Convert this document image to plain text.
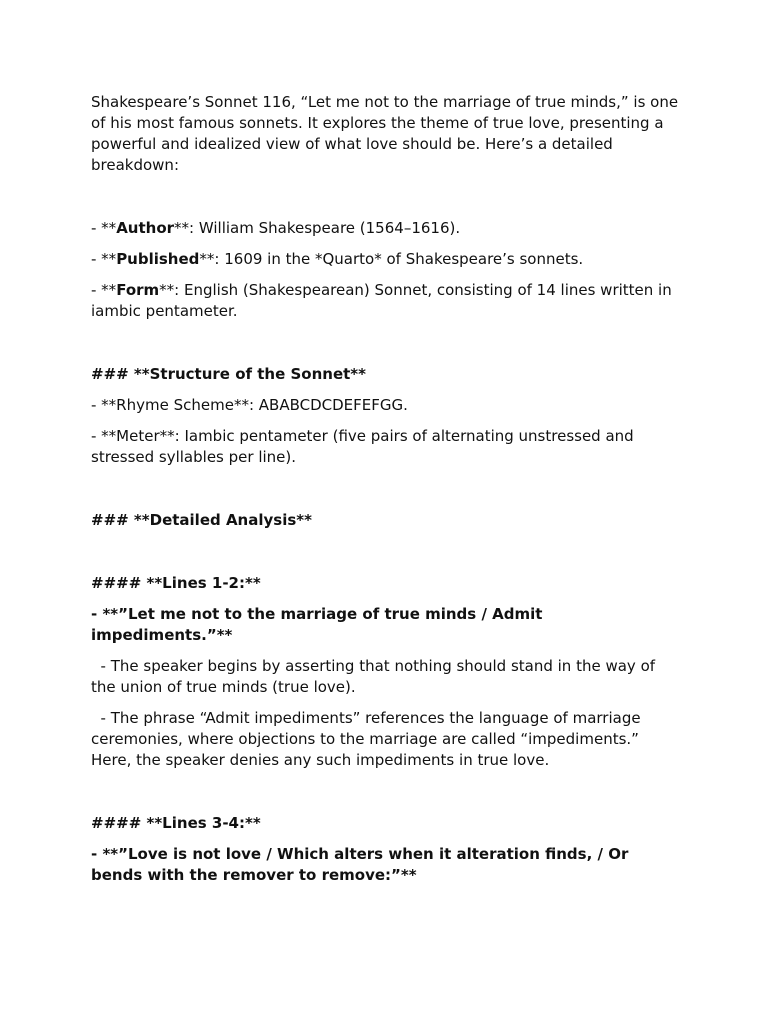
Shakespeare’s Sonnet 116, “Let me not to the marriage of true minds,” is one of his most famous sonnets. It explores the theme of true love, presenting a powerful and idealized view of what love should be. Here’s a detailed breakdown:

- **Author**: William Shakespeare (1564–1616).

- **Published**: 1609 in the *Quarto* of Shakespeare’s sonnets.

- **Form**: English (Shakespearean) Sonnet, consisting of 14 lines written in iambic pentameter.

### **Structure of the Sonnet**

- **Rhyme Scheme**: ABABCDCDEFEFGG.

- **Meter**: Iambic pentameter (five pairs of alternating unstressed and stressed syllables per line).

### **Detailed Analysis**

#### **Lines 1-2:**

- **”Let me not to the marriage of true minds / Admit impediments.”**

- The speaker begins by asserting that nothing should stand in the way of the union of true minds (true love).

- The phrase “Admit impediments” references the language of marriage ceremonies, where objections to the marriage are called “impediments.” Here, the speaker denies any such impediments in true love.

#### **Lines 3-4:**

- **”Love is not love / Which alters when it alteration finds, / Or bends with the remover to remove:”**
